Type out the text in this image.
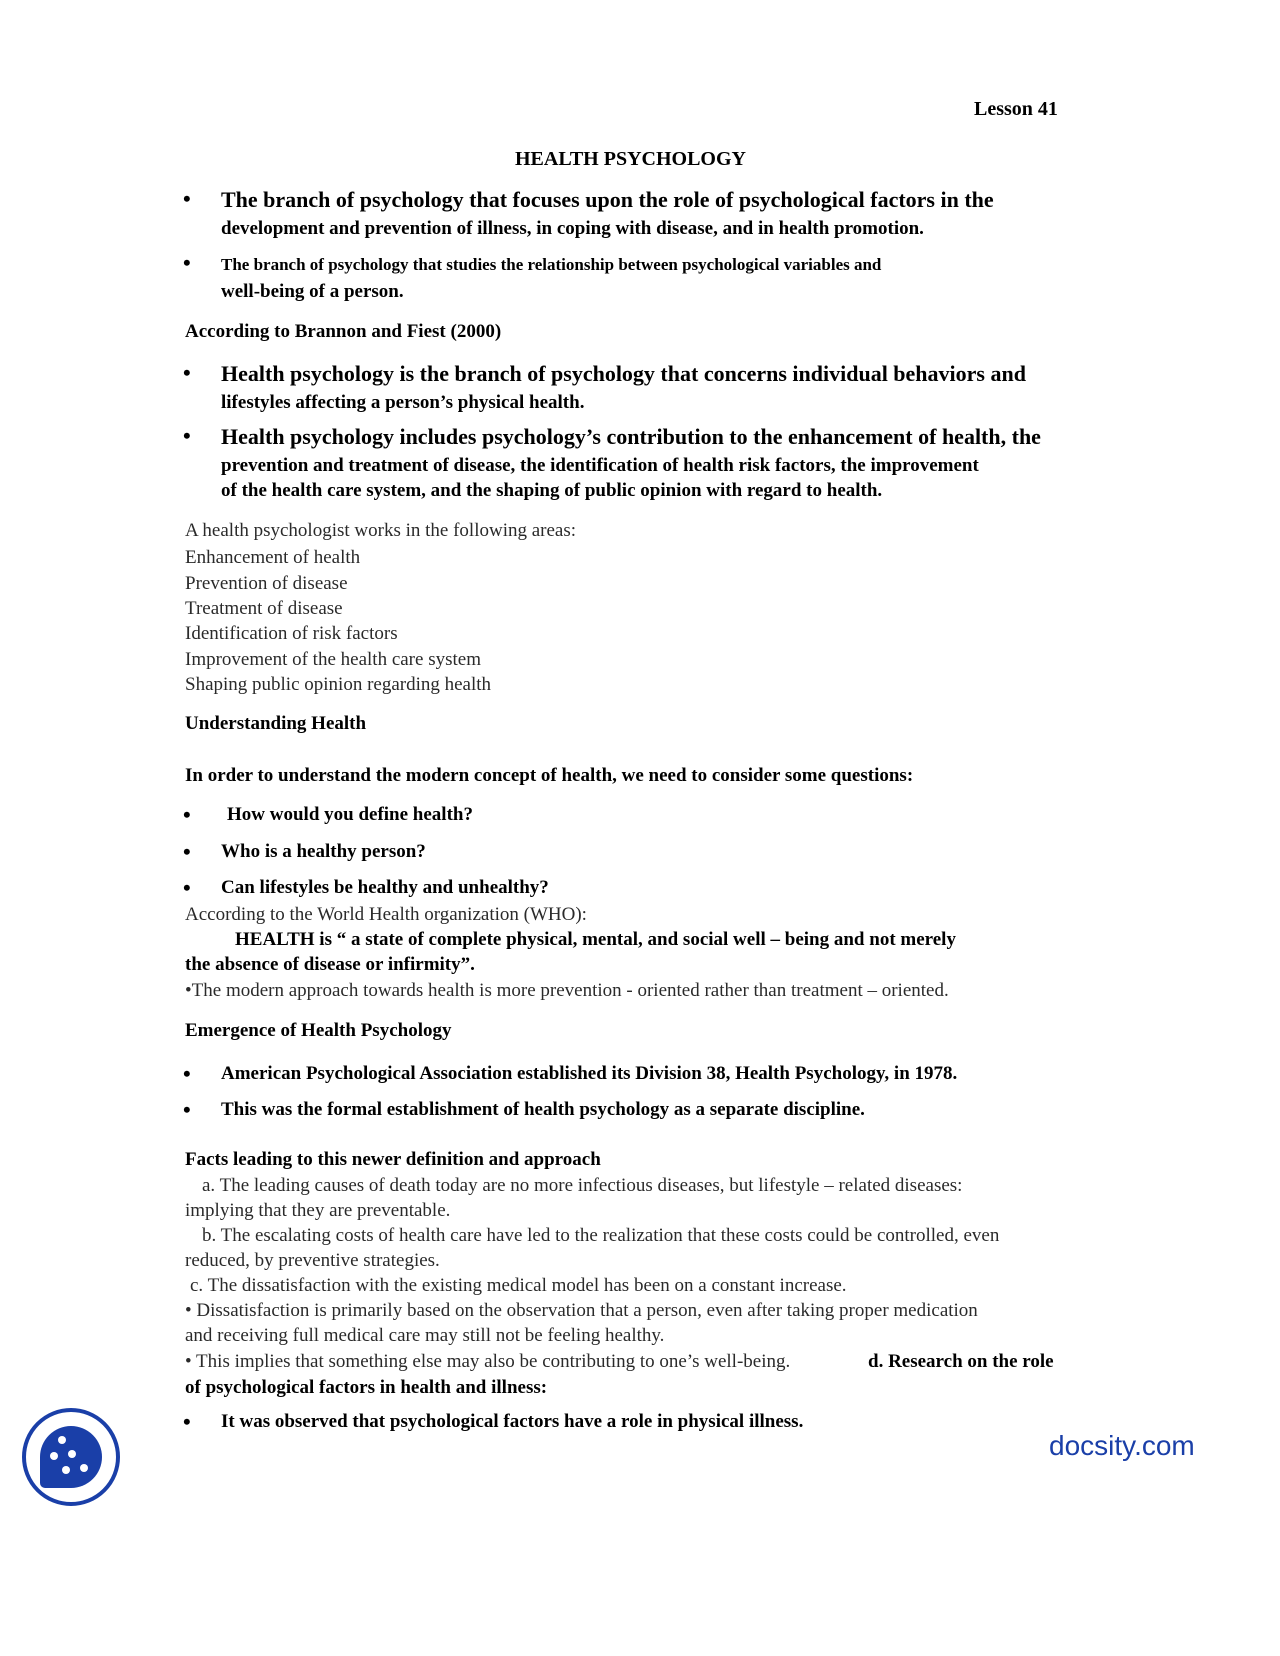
Lesson 41
HEALTH PSYCHOLOGY
• The branch of psychology that focuses upon the role of psychological factors in the
development and prevention of illness, in coping with disease, and in health promotion.
• The branch of psychology that studies the relationship between psychological variables and
well-being of a person.
According to Brannon and Fiest (2000)
• Health psychology is the branch of psychology that concerns individual behaviors and
lifestyles affecting a person’s physical health.
• Health psychology includes psychology’s contribution to the enhancement of health, the
prevention and treatment of disease, the identification of health risk factors, the improvement
of the health care system, and the shaping of public opinion with regard to health.
A health psychologist works in the following areas:
Enhancement of health
Prevention of disease
Treatment of disease
Identification of risk factors
Improvement of the health care system
Shaping public opinion regarding health
Understanding Health
In order to understand the modern concept of health, we need to consider some questions:
• How would you define health?
• Who is a healthy person?
• Can lifestyles be healthy and unhealthy?
According to the World Health organization (WHO):
HEALTH is “ a state of complete physical, mental, and social well – being and not merely
the absence of disease or infirmity”.
•The modern approach towards health is more prevention - oriented rather than treatment – oriented.
Emergence of Health Psychology
• American Psychological Association established its Division 38, Health Psychology, in 1978.
• This was the formal establishment of health psychology as a separate discipline.
Facts leading to this newer definition and approach
a. The leading causes of death today are no more infectious diseases, but lifestyle – related diseases:
implying that they are preventable.
b. The escalating costs of health care have led to the realization that these costs could be controlled, even
reduced, by preventive strategies.
c. The dissatisfaction with the existing medical model has been on a constant increase.
• Dissatisfaction is primarily based on the observation that a person, even after taking proper medication
and receiving full medical care may still not be feeling healthy.
• This implies that something else may also be contributing to one’s well-being.	d. Research on the role
of psychological factors in health and illness:
• It was observed that psychological factors have a role in physical illness.
docsity.com
